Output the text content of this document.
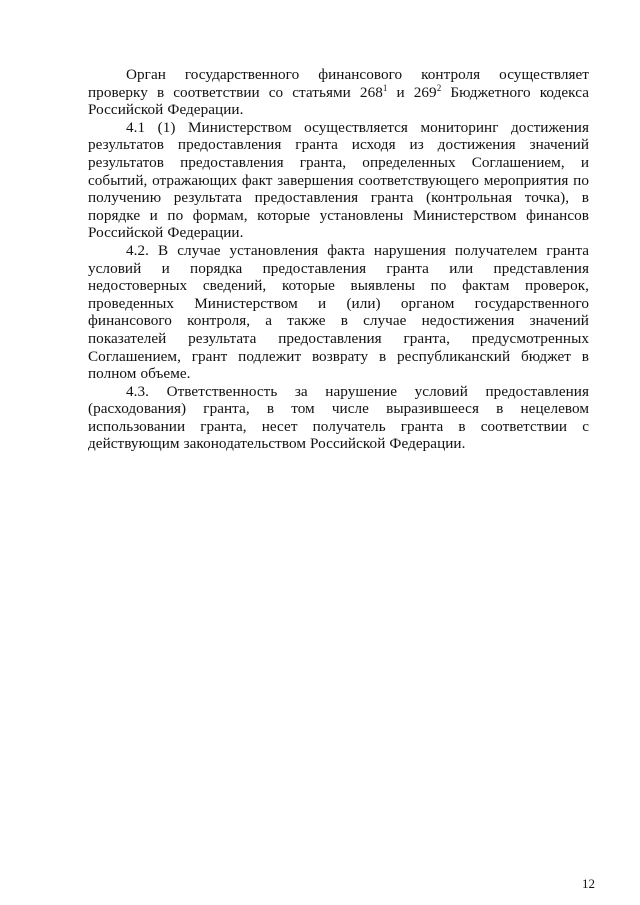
Орган государственного финансового контроля осуществляет проверку в соответствии со статьями $268^1$ и $269^2$ Бюджетного кодекса Российской Федерации.

4.1 (1) Министерством осуществляется мониторинг достижения результатов предоставления гранта исходя из достижения значений результатов предоставления гранта, определенных Соглашением, и событий, отражающих факт завершения соответствующего мероприятия по получению результата предоставления гранта (контрольная точка), в порядке и по формам, которые установлены Министерством финансов Российской Федерации.

4.2. В случае установления факта нарушения получателем гранта условий и порядка предоставления гранта или представления недостоверных сведений, которые выявлены по фактам проверок, проведенных Министерством и (или) органом государственного финансового контроля, а также в случае недостижения значений показателей результата предоставления гранта, предусмотренных Соглашением, грант подлежит возврату в республиканский бюджет в полном объеме.

4.3. Ответственность за нарушение условий предоставления (расходования) гранта, в том числе выразившееся в нецелевом использовании гранта, несет получатель гранта в соответствии с действующим законодательством Российской Федерации.

12
